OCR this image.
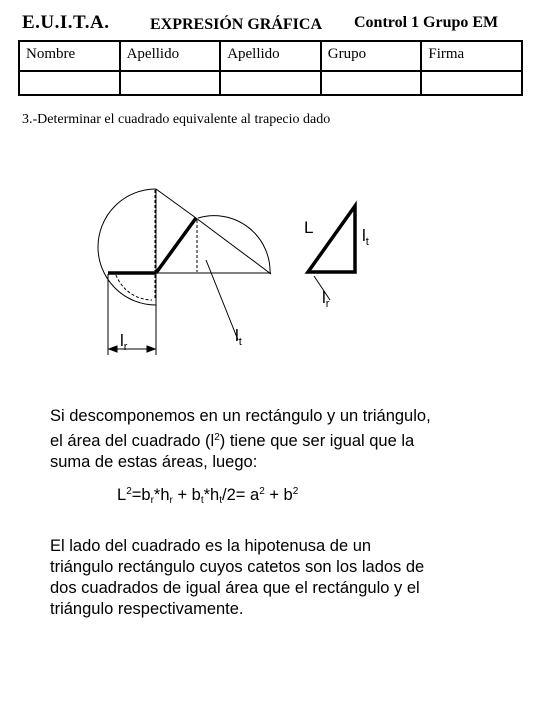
E.U.I.T.A.	EXPRESIÓN GRÁFICA Control 1 Grupo EM
Nombre	Apellido	Apellido	Grupo	Firma

3.-Determinar el cuadrado equivalente al trapecio dado
L	$l_t$
$l_r$
$l_r$
$l_t$
Si descomponemos en un rectángulo y un triángulo,
el área del cuadrado $(l^2)$ tiene que ser igual que la
suma de estas áreas, luego:
$L^2=b_r*h_r + b_t*h_t/2= a^2 + b^2$
El lado del cuadrado es la hipotenusa de un
triángulo rectángulo cuyos catetos son los lados de
dos cuadrados de igual área que el rectángulo y el
triángulo respectivamente.
